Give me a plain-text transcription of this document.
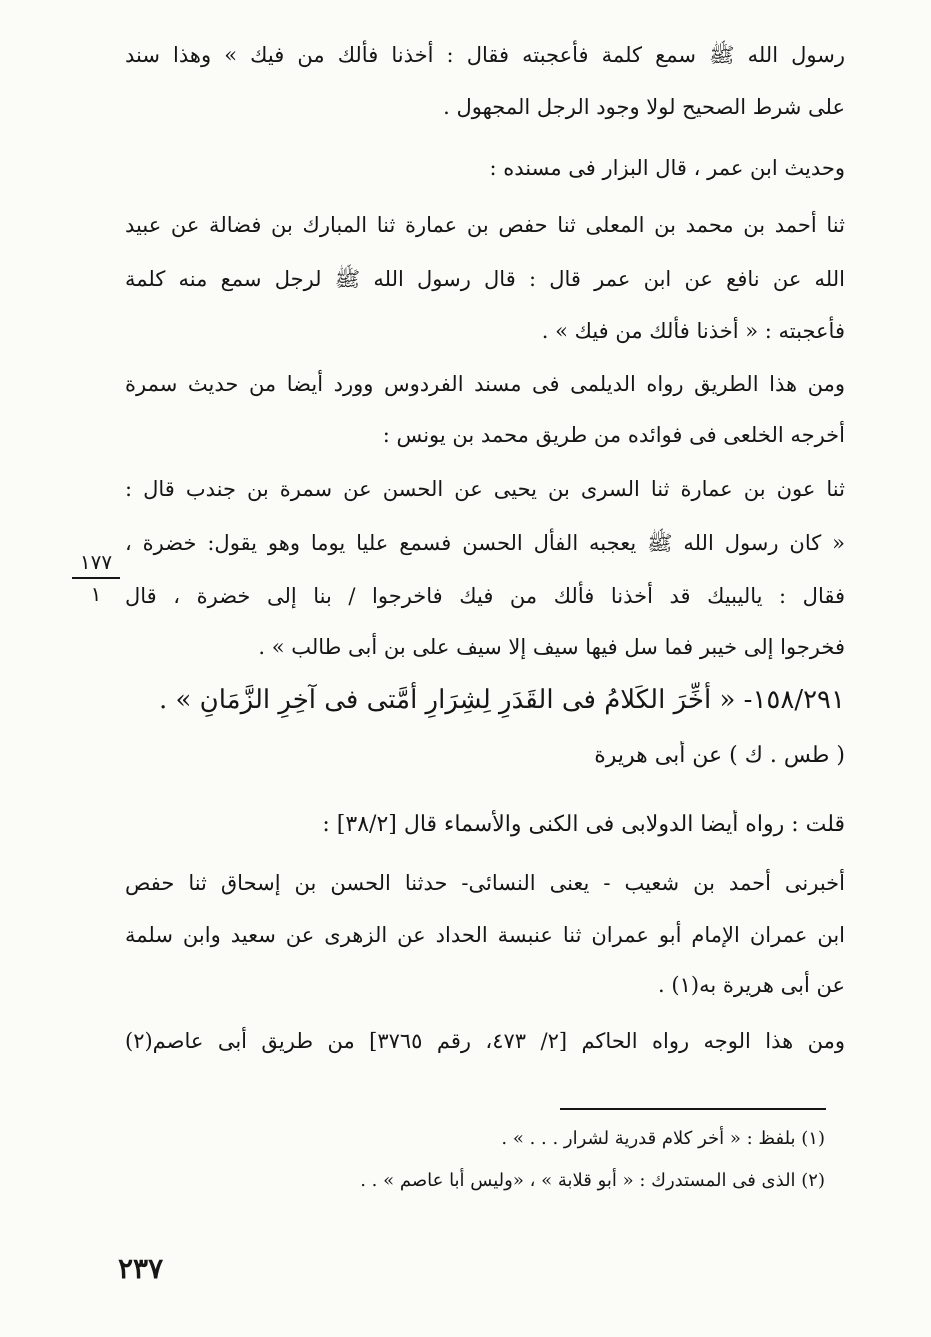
رسول الله ﷺ سمع كلمة فأعجبته فقال : أخذنا فألك من فيك » وهذا سند
على شرط الصحيح لولا وجود الرجل المجهول .
وحديث ابن عمر ، قال البزار فى مسنده :
ثنا أحمد بن محمد بن المعلى ثنا حفص بن عمارة ثنا المبارك بن فضالة عن عبيد
الله عن نافع عن ابن عمر قال : قال رسول الله ﷺ لرجل سمع منه كلمة
فأعجبته : « أخذنا فألك من فيك » .
ومن هذا الطريق رواه الديلمى فى مسند الفردوس وورد أيضا من حديث سمرة
أخرجه الخلعى فى فوائده من طريق محمد بن يونس :
ثنا عون بن عمارة ثنا السرى بن يحيى عن الحسن عن سمرة بن جندب قال :
« كان رسول الله ﷺ يعجبه الفأل الحسن فسمع عليا يوما وهو يقول: خضرة ،
فقال : ياليبيك قد أخذنا فألك من فيك فاخرجوا / بنا إلى خضرة ، قال
فخرجوا إلى خيبر فما سل فيها سيف إلا سيف على بن أبى طالب » .
١٥٨/٢٩١- « أُخِّرَ الكَلامُ فى القَدَرِ لِشِرَارِ أُمَّتى فى آخِرِ الزَّمَانِ » .
( طس . ك ) عن أبى هريرة
قلت : رواه أيضا الدولابى فى الكنى والأسماء قال [٣٨/٢] :
أخبرنى أحمد بن شعيب - يعنى النسائى- حدثنا الحسن بن إسحاق ثنا حفص
ابن عمران الإمام أبو عمران ثنا عنبسة الحداد عن الزهرى عن سعيد وابن سلمة
عن أبى هريرة به(١) .
ومن هذا الوجه رواه الحاكم [٢/ ٤٧٣، رقم ٣٧٦٥] من طريق أبى عاصم(٢)
١٧٧
١
(١) بلفظ : « أخر كلام قدرية لشرار . . . » .
(٢) الذى فى المستدرك : « أبو قلابة » ، «وليس أبا عاصم » . .
٢٣٧
